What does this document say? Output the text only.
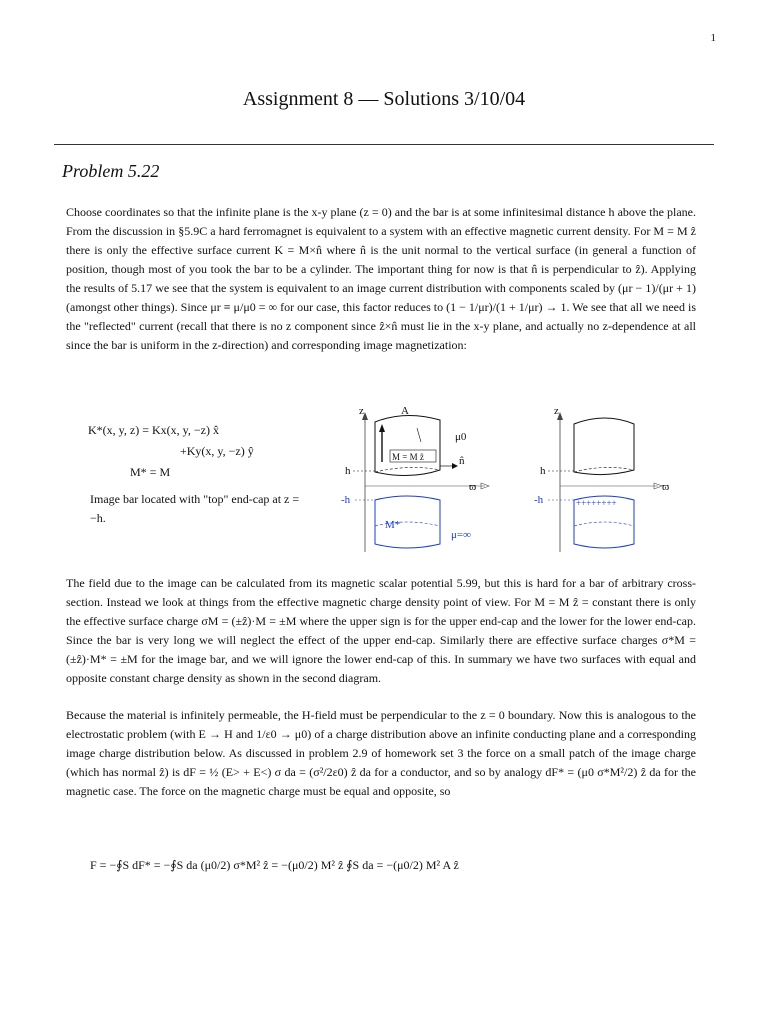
1
Assignment 8 — Solutions 3/10/04
Problem 5.22
Choose coordinates so that the infinite plane is the x-y plane (z = 0) and the bar is at some infinitesimal distance h above the plane. From the discussion in §5.9C a hard ferromagnet is equivalent to a system with an effective magnetic current density. For M = M ẑ there is only the effective surface current K = M×n̂ where n̂ is the unit normal to the vertical surface (in general a function of position, though most of you took the bar to be a cylinder. The important thing for now is that n̂ is perpendicular to ẑ). Applying the results of 5.17 we see that the system is equivalent to an image current distribution with components scaled by (μr − 1)/(μr + 1) (amongst other things). Since μr ≡ μ/μ0 = ∞ for our case, this factor reduces to (1 − 1/μr)/(1 + 1/μr) → 1. We see that all we need is the "reflected" current (recall that there is no z component since ẑ×n̂ must lie in the x-y plane, and actually no z-dependence at all since the bar is uniform in the z-direction) and corresponding image magnetization:
K*(x, y, z) = Kx(x, y, −z) x̂
+Ky(x, y, −z) ŷ
M* = M
Image bar located with "top" end-cap at z = −h.
z
ϖ
M = M ẑ
A
μ0
n̂
h
-h
M*
μ=∞
z
ϖ
h
-h	++++++++
The field due to the image can be calculated from its magnetic scalar potential 5.99, but this is hard for a bar of arbitrary cross-section. Instead we look at things from the effective magnetic charge density point of view. For M = M ẑ = constant there is only the effective surface charge σM = (±ẑ)·M = ±M where the upper sign is for the upper end-cap and the lower for the lower end-cap. Since the bar is very long we will neglect the effect of the upper end-cap. Similarly there are effective surface charges σ*M = (±ẑ)·M* = ±M for the image bar, and we will ignore the lower end-cap of this. In summary we have two surfaces with equal and opposite constant charge density as shown in the second diagram.
Because the material is infinitely permeable, the H-field must be perpendicular to the z = 0 boundary. Now this is analogous to the electrostatic problem (with E → H and 1/ε0 → μ0) of a charge distribution above an infinite conducting plane and a corresponding image charge distribution below. As discussed in problem 2.9 of homework set 3 the force on a small patch of the image charge (which has normal ẑ) is dF = ½ (E> + E<) σ da = (σ²/2ε0) ẑ da for a conductor, and so by analogy dF* = (μ0 σ*M²/2) ẑ da for the magnetic case. The force on the magnetic charge must be equal and opposite, so
F = −∮S dF* = −∮S da (μ0/2) σ*M² ẑ = −(μ0/2) M² ẑ ∮S da = −(μ0/2) M² A ẑ
